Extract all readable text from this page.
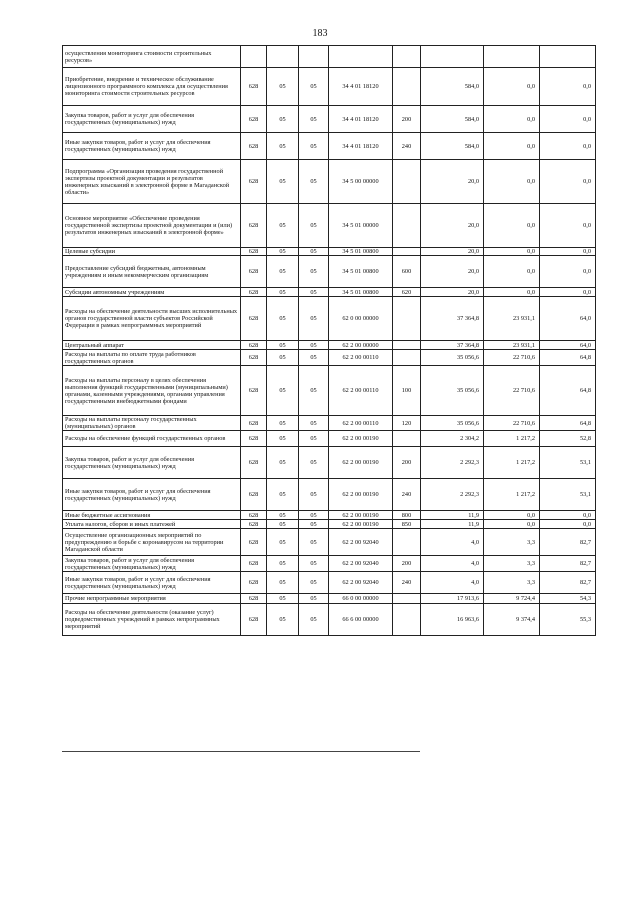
183
осуществления мониторинга стоимости строительных ресурсов»								
Приобретение, внедрение и техническое обслуживание лицензионного программного комплекса для осуществления мониторинга стоимости строительных ресурсов	628	05	05	34 4 01 18120		584,0	0,0	0,0
Закупка товаров, работ и услуг для обеспечения государственных (муниципальных) нужд	628	05	05	34 4 01 18120	200	584,0	0,0	0,0
Иные закупки товаров, работ и услуг для обеспечения государственных (муниципальных) нужд	628	05	05	34 4 01 18120	240	584,0	0,0	0,0
Подпрограмма «Организация проведения государственной экспертизы проектной документации и результатов инженерных изысканий в электронной форме в Магаданской области»	628	05	05	34 5 00 00000		20,0	0,0	0,0
Основное мероприятие «Обеспечение проведения государственной экспертизы проектной документации и (или) результатов инженерных изысканий в электронной форме»	628	05	05	34 5 01 00000		20,0	0,0	0,0
Целевые субсидии	628	05	05	34 5 01 00800		20,0	0,0	0,0
Предоставление субсидий бюджетным, автономным учреждениям и иным некоммерческим организациям	628	05	05	34 5 01 00800	600	20,0	0,0	0,0
Субсидии автономным учреждениям	628	05	05	34 5 01 00800	620	20,0	0,0	0,0
Расходы на обеспечение деятельности высших исполнительных органов государственной власти субъектов Российской Федерации в рамках непрограммных мероприятий	628	05	05	62 0 00 00000		37 364,8	23 931,1	64,0
Центральный аппарат	628	05	05	62 2 00 00000		37 364,8	23 931,1	64,0
Расходы на выплаты по оплате труда работников государственных органов	628	05	05	62 2 00 00110		35 056,6	22 710,6	64,8
Расходы на выплаты персоналу в целях обеспечения выполнения функций государственными (муниципальными) органами, казенными учреждениями, органами управления государственными внебюджетными фондами	628	05	05	62 2 00 00110	100	35 056,6	22 710,6	64,8
Расходы на выплаты персоналу государственных (муниципальных) органов	628	05	05	62 2 00 00110	120	35 056,6	22 710,6	64,8
Расходы на обеспечение функций государственных органов	628	05	05	62 2 00 00190		2 304,2	1 217,2	52,8
Закупка товаров, работ и услуг для обеспечения государственных (муниципальных) нужд	628	05	05	62 2 00 00190	200	2 292,3	1 217,2	53,1
Иные закупки товаров, работ и услуг для обеспечения государственных (муниципальных) нужд	628	05	05	62 2 00 00190	240	2 292,3	1 217,2	53,1
Иные бюджетные ассигнования	628	05	05	62 2 00 00190	800	11,9	0,0	0,0
Уплата налогов, сборов и иных платежей	628	05	05	62 2 00 00190	850	11,9	0,0	0,0
Осуществление организационных мероприятий по предупреждению и борьбе с коронавирусом на территории Магаданской области	628	05	05	62 2 00 92040		4,0	3,3	82,7
Закупка товаров, работ и услуг для обеспечения государственных (муниципальных) нужд	628	05	05	62 2 00 92040	200	4,0	3,3	82,7
Иные закупки товаров, работ и услуг для обеспечения государственных (муниципальных) нужд	628	05	05	62 2 00 92040	240	4,0	3,3	82,7
Прочие непрограммные мероприятия	628	05	05	66 0 00 00000		17 913,6	9 724,4	54,3
Расходы на обеспечение деятельности (оказание услуг) подведомственных учреждений в рамках непрограммных мероприятий	628	05	05	66 6 00 00000		16 963,6	9 374,4	55,3
